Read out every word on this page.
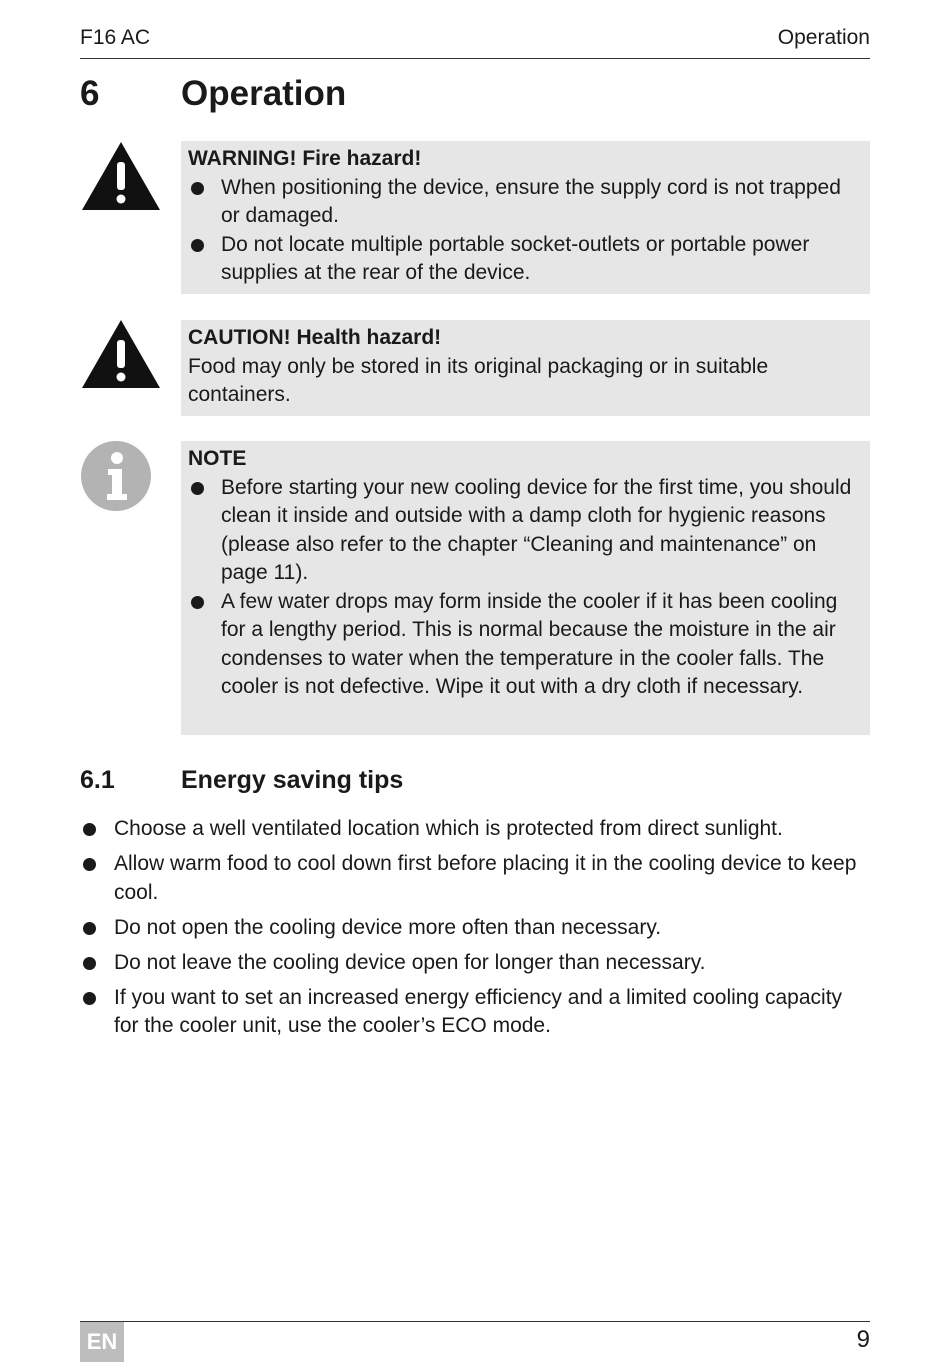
F16 AC	Operation
6 Operation
WARNING! Fire hazard!
When positioning the device, ensure the supply cord is not trapped or damaged.
Do not locate multiple portable socket-outlets or portable power supplies at the rear of the device.
CAUTION! Health hazard!
Food may only be stored in its original packaging or in suitable containers.
NOTE
Before starting your new cooling device for the first time, you should clean it inside and outside with a damp cloth for hygienic reasons (please also refer to the chapter “Cleaning and maintenance” on page 11).
A few water drops may form inside the cooler if it has been cooling for a lengthy period. This is normal because the moisture in the air condenses to water when the temperature in the cooler falls. The cooler is not defective. Wipe it out with a dry cloth if necessary.
6.1	Energy saving tips
Choose a well ventilated location which is protected from direct sunlight.
Allow warm food to cool down first before placing it in the cooling device to keep cool.
Do not open the cooling device more often than necessary.
Do not leave the cooling device open for longer than necessary.
If you want to set an increased energy efficiency and a limited cooling capacity for the cooler unit, use the cooler’s ECO mode.
EN	9
